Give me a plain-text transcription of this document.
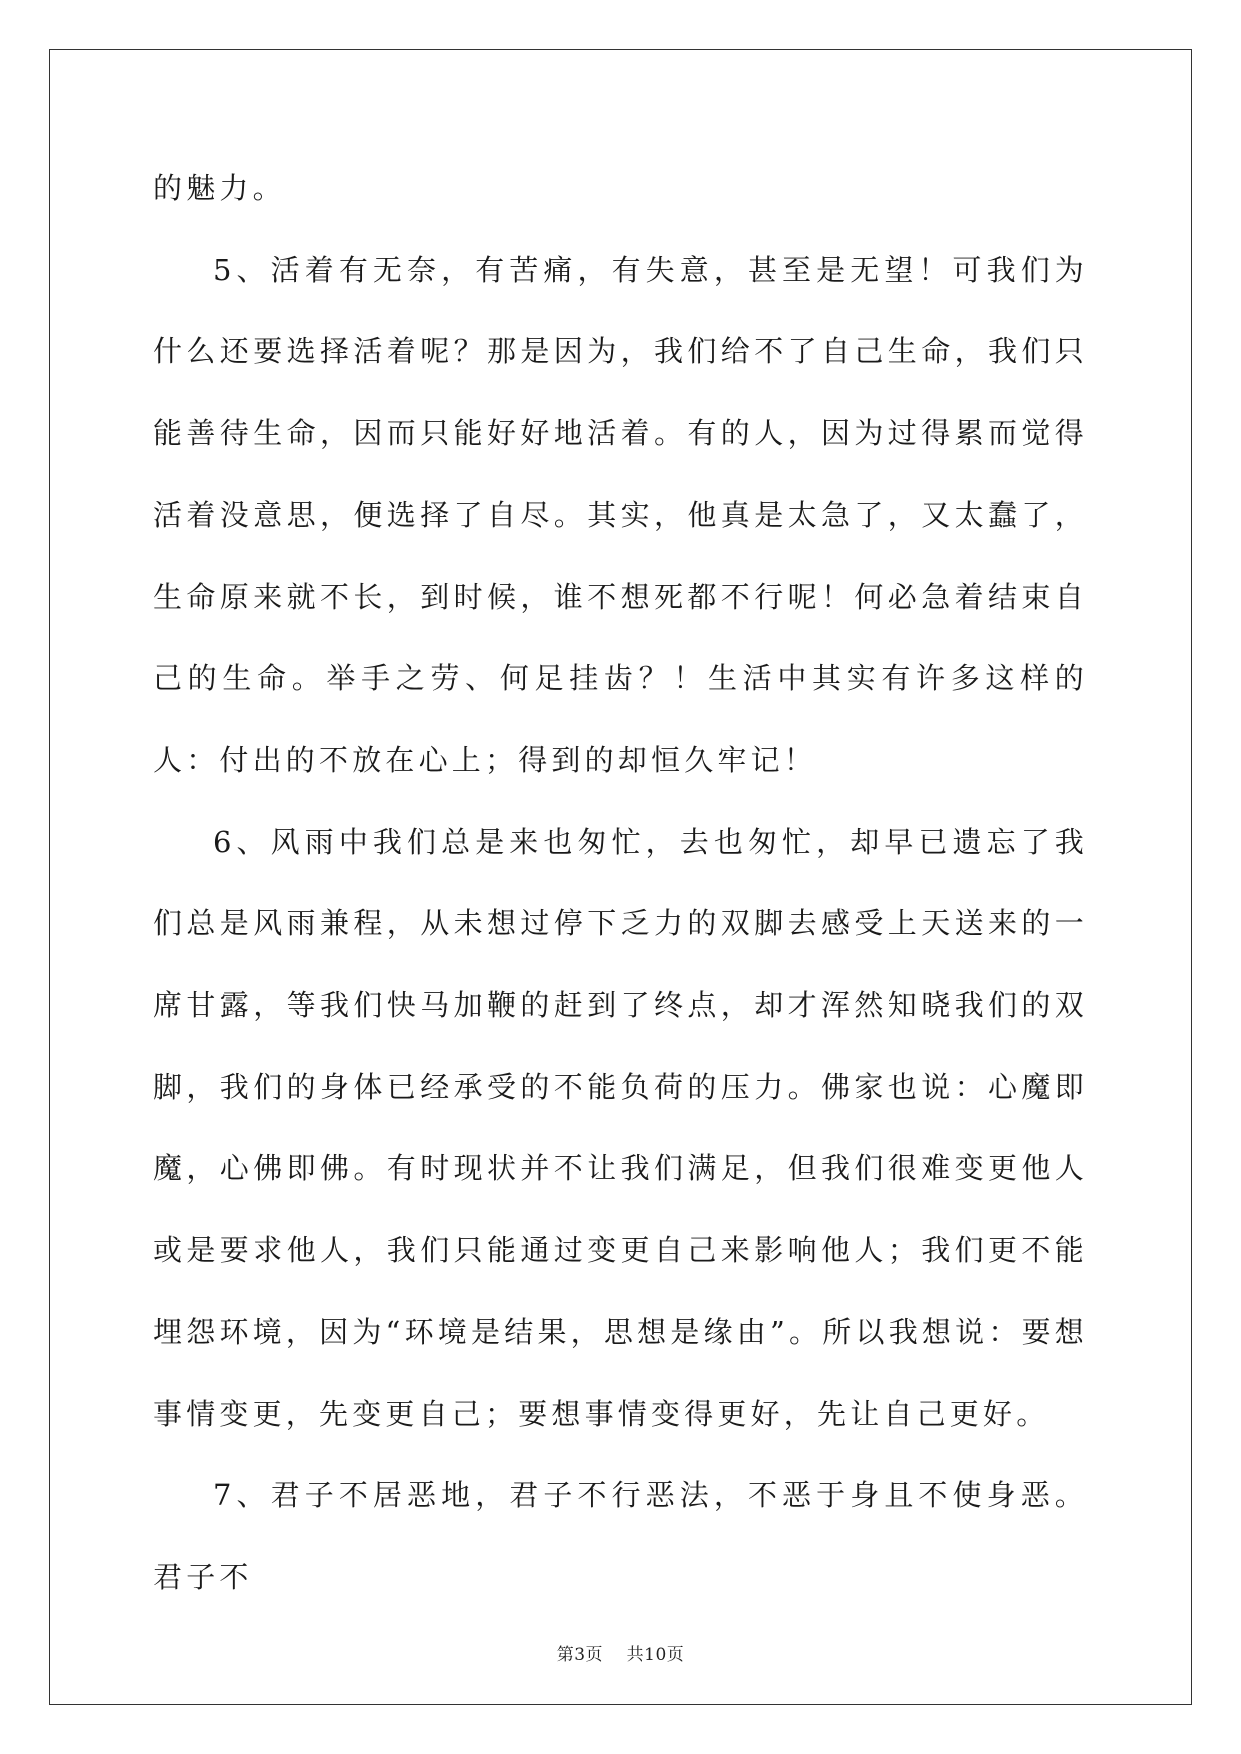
的魅力。

5、活着有无奈，有苦痛，有失意，甚至是无望！可我们为什么还要选择活着呢？那是因为，我们给不了自己生命，我们只能善待生命，因而只能好好地活着。有的人，因为过得累而觉得活着没意思，便选择了自尽。其实，他真是太急了，又太蠢了，生命原来就不长，到时候，谁不想死都不行呢！何必急着结束自己的生命。举手之劳、何足挂齿？！生活中其实有许多这样的人：付出的不放在心上；得到的却恒久牢记！

6、风雨中我们总是来也匆忙，去也匆忙，却早已遗忘了我们总是风雨兼程，从未想过停下乏力的双脚去感受上天送来的一席甘露，等我们快马加鞭的赶到了终点，却才浑然知晓我们的双脚，我们的身体已经承受的不能负荷的压力。佛家也说：心魔即魔，心佛即佛。有时现状并不让我们满足，但我们很难变更他人或是要求他人，我们只能通过变更自己来影响他人；我们更不能埋怨环境，因为“环境是结果，思想是缘由”。所以我想说：要想事情变更，先变更自己；要想事情变得更好，先让自己更好。

7、君子不居恶地，君子不行恶法，不恶于身且不使身恶。君子不

第3页 共10页
